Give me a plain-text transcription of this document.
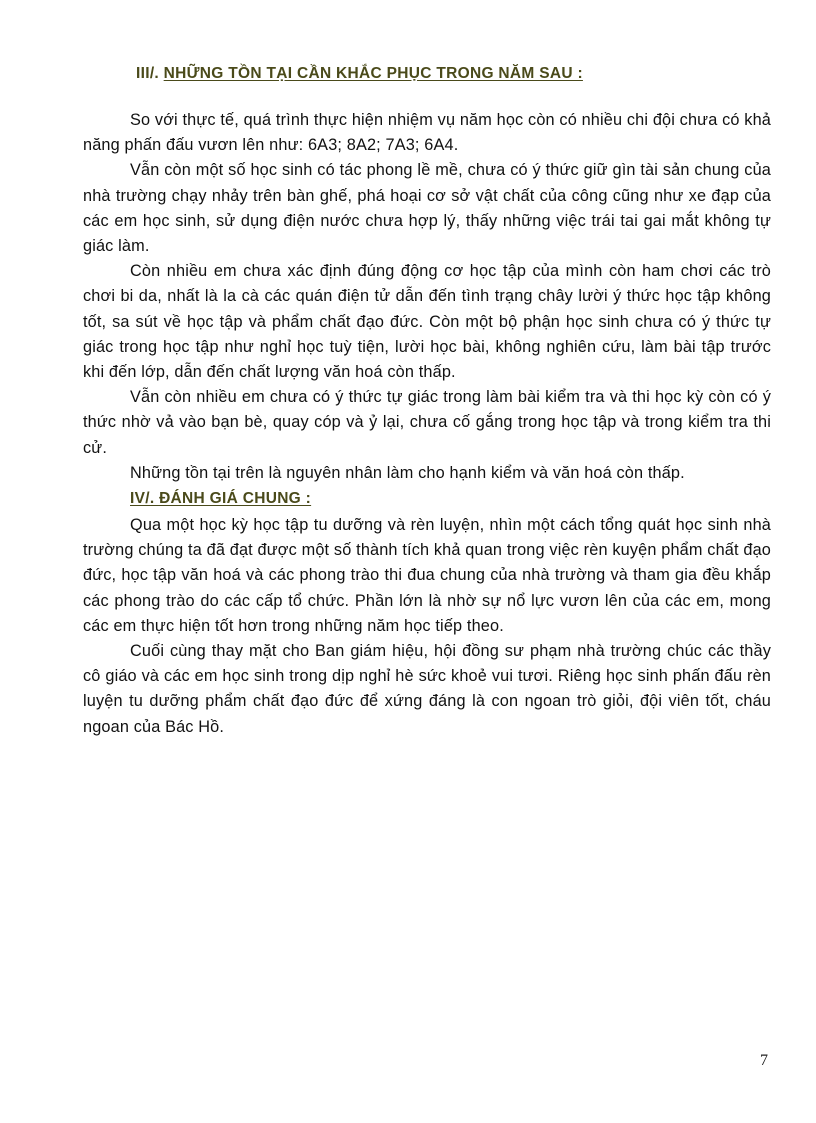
III/. NHỮNG TỒN TẠI CẦN KHẮC PHỤC TRONG NĂM SAU :

So với thực tế, quá trình thực hiện nhiệm vụ năm học còn có nhiều chi đội chưa có khả năng phấn đấu vươn lên như: 6A3; 8A2; 7A3; 6A4.

Vẫn còn một số học sinh có tác phong lề mề, chưa có ý thức giữ gìn tài sản chung của nhà trường chạy nhảy trên bàn ghế, phá hoại cơ sở vật chất của công cũng như xe đạp của các em học sinh, sử dụng điện nước chưa hợp lý, thấy những việc trái tai gai mắt không tự giác làm.

Còn nhiều em chưa xác định đúng động cơ học tập của mình còn ham chơi các trò chơi bi da, nhất là la cà các quán điện tử dẫn đến tình trạng chây lười ý thức học tập không tốt, sa sút về học tập và phẩm chất đạo đức. Còn một bộ phận học sinh chưa có ý thức tự giác trong học tập như nghỉ học tuỳ tiện, lười học bài, không nghiên cứu, làm bài tập trước khi đến lớp, dẫn đến chất lượng văn hoá còn thấp.

Vẫn còn nhiều em chưa có ý thức tự giác trong làm bài kiểm tra và thi học kỳ còn có ý thức nhờ vả vào bạn bè, quay cóp và ỷ lại, chưa cố gắng trong học tập và trong kiểm tra thi cử.

Những tồn tại trên là nguyên nhân làm cho hạnh kiểm và văn hoá còn thấp.

IV/. ĐÁNH GIÁ CHUNG :

Qua một học kỳ học tập tu dưỡng và rèn luyện, nhìn một cách tổng quát học sinh nhà trường chúng ta đã đạt được một số thành tích khả quan trong việc rèn kuyện phẩm chất đạo đức, học tập văn hoá và các phong trào thi đua chung của nhà trường và tham gia đều khắp các phong trào do các cấp tổ chức. Phần lớn là nhờ sự nổ lực vươn lên của các em, mong các em thực hiện tốt hơn trong những năm học tiếp theo.

Cuối cùng thay mặt cho Ban giám hiệu, hội đồng sư phạm nhà trường chúc các thầy cô giáo và các em học sinh trong dịp nghỉ hè sức khoẻ vui tươi. Riêng học sinh phấn đấu rèn luyện tu dưỡng phẩm chất đạo đức để xứng đáng là con ngoan trò giỏi, đội viên tốt, cháu ngoan của Bác Hồ.

7
